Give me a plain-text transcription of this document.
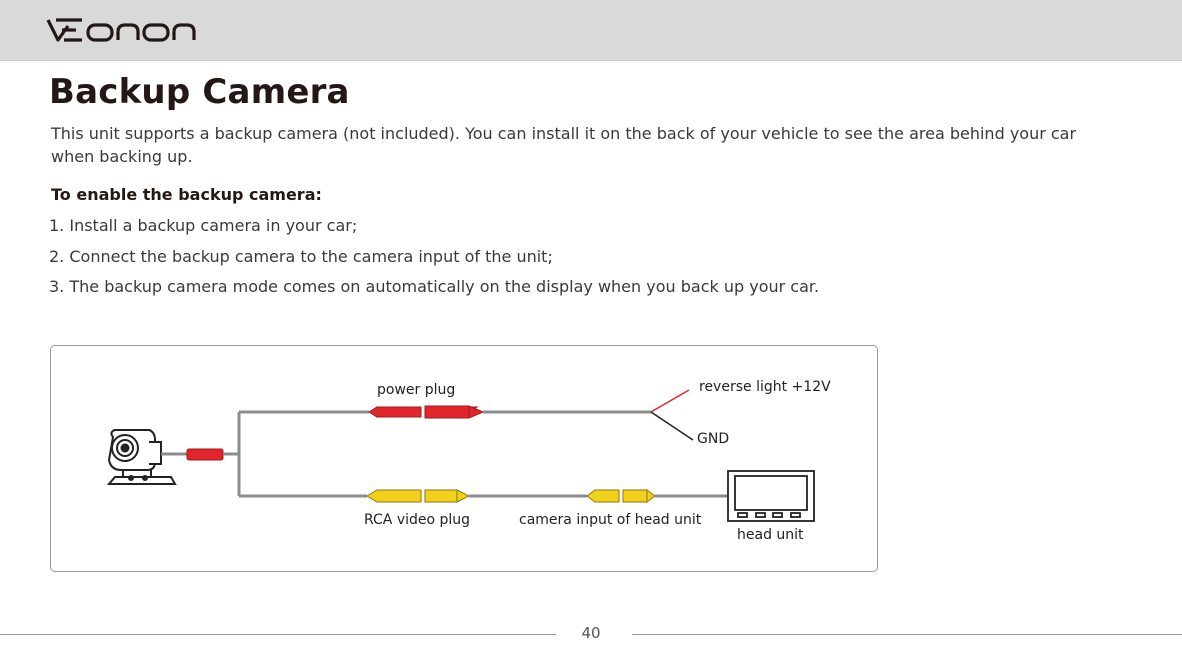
Backup Camera

This unit supports a backup camera (not included). You can install it on the back of your vehicle to see the area behind your car when backing up.

To enable the backup camera:

1. Install a backup camera in your car;
2. Connect the backup camera to the camera input of the unit;
3. The backup camera mode comes on automatically on the display when you back up your car.
power plug	reverse light +12V
GND
RCA video plug	camera input of head unit
head unit
40
